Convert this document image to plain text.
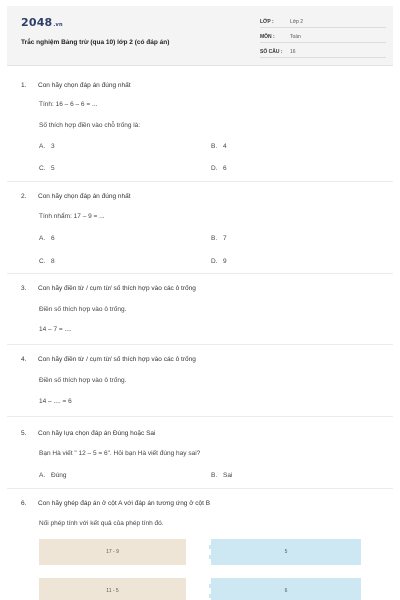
2048.vn
Trắc nghiệm Bảng trừ (qua 10) lớp 2 (có đáp án)
LỚP :	Lớp 2
MÔN :	Toán
SỐ CÂU : 16
1. Con hãy chọn đáp án đúng nhất
Tính: 16 – 6 – 6 = ...
Số thích hợp điền vào chỗ trống là:
A. 3	B. 4
C. 5	D. 6
2. Con hãy chọn đáp án đúng nhất
Tính nhẩm: 17 – 9 = ...
A. 6	B. 7
C. 8	D. 9
3. Con hãy điền từ / cụm từ/ số thích hợp vào các ô trống
Điền số thích hợp vào ô trống.
14 – 7 = ....
4. Con hãy điền từ / cụm từ/ số thích hợp vào các ô trống
Điền số thích hợp vào ô trống.
14 – .... = 6
5. Con hãy lựa chọn đáp án Đúng hoặc Sai
Bạn Hà viết " 12 – 5 = 6". Hỏi bạn Hà viết đúng hay sai?
A. Đúng	B. Sai
6. Con hãy ghép đáp án ở cột A với đáp án tương ứng ở cột B
Nối phép tính với kết quả của phép tính đó.
17 - 9	5
11 - 5	6
